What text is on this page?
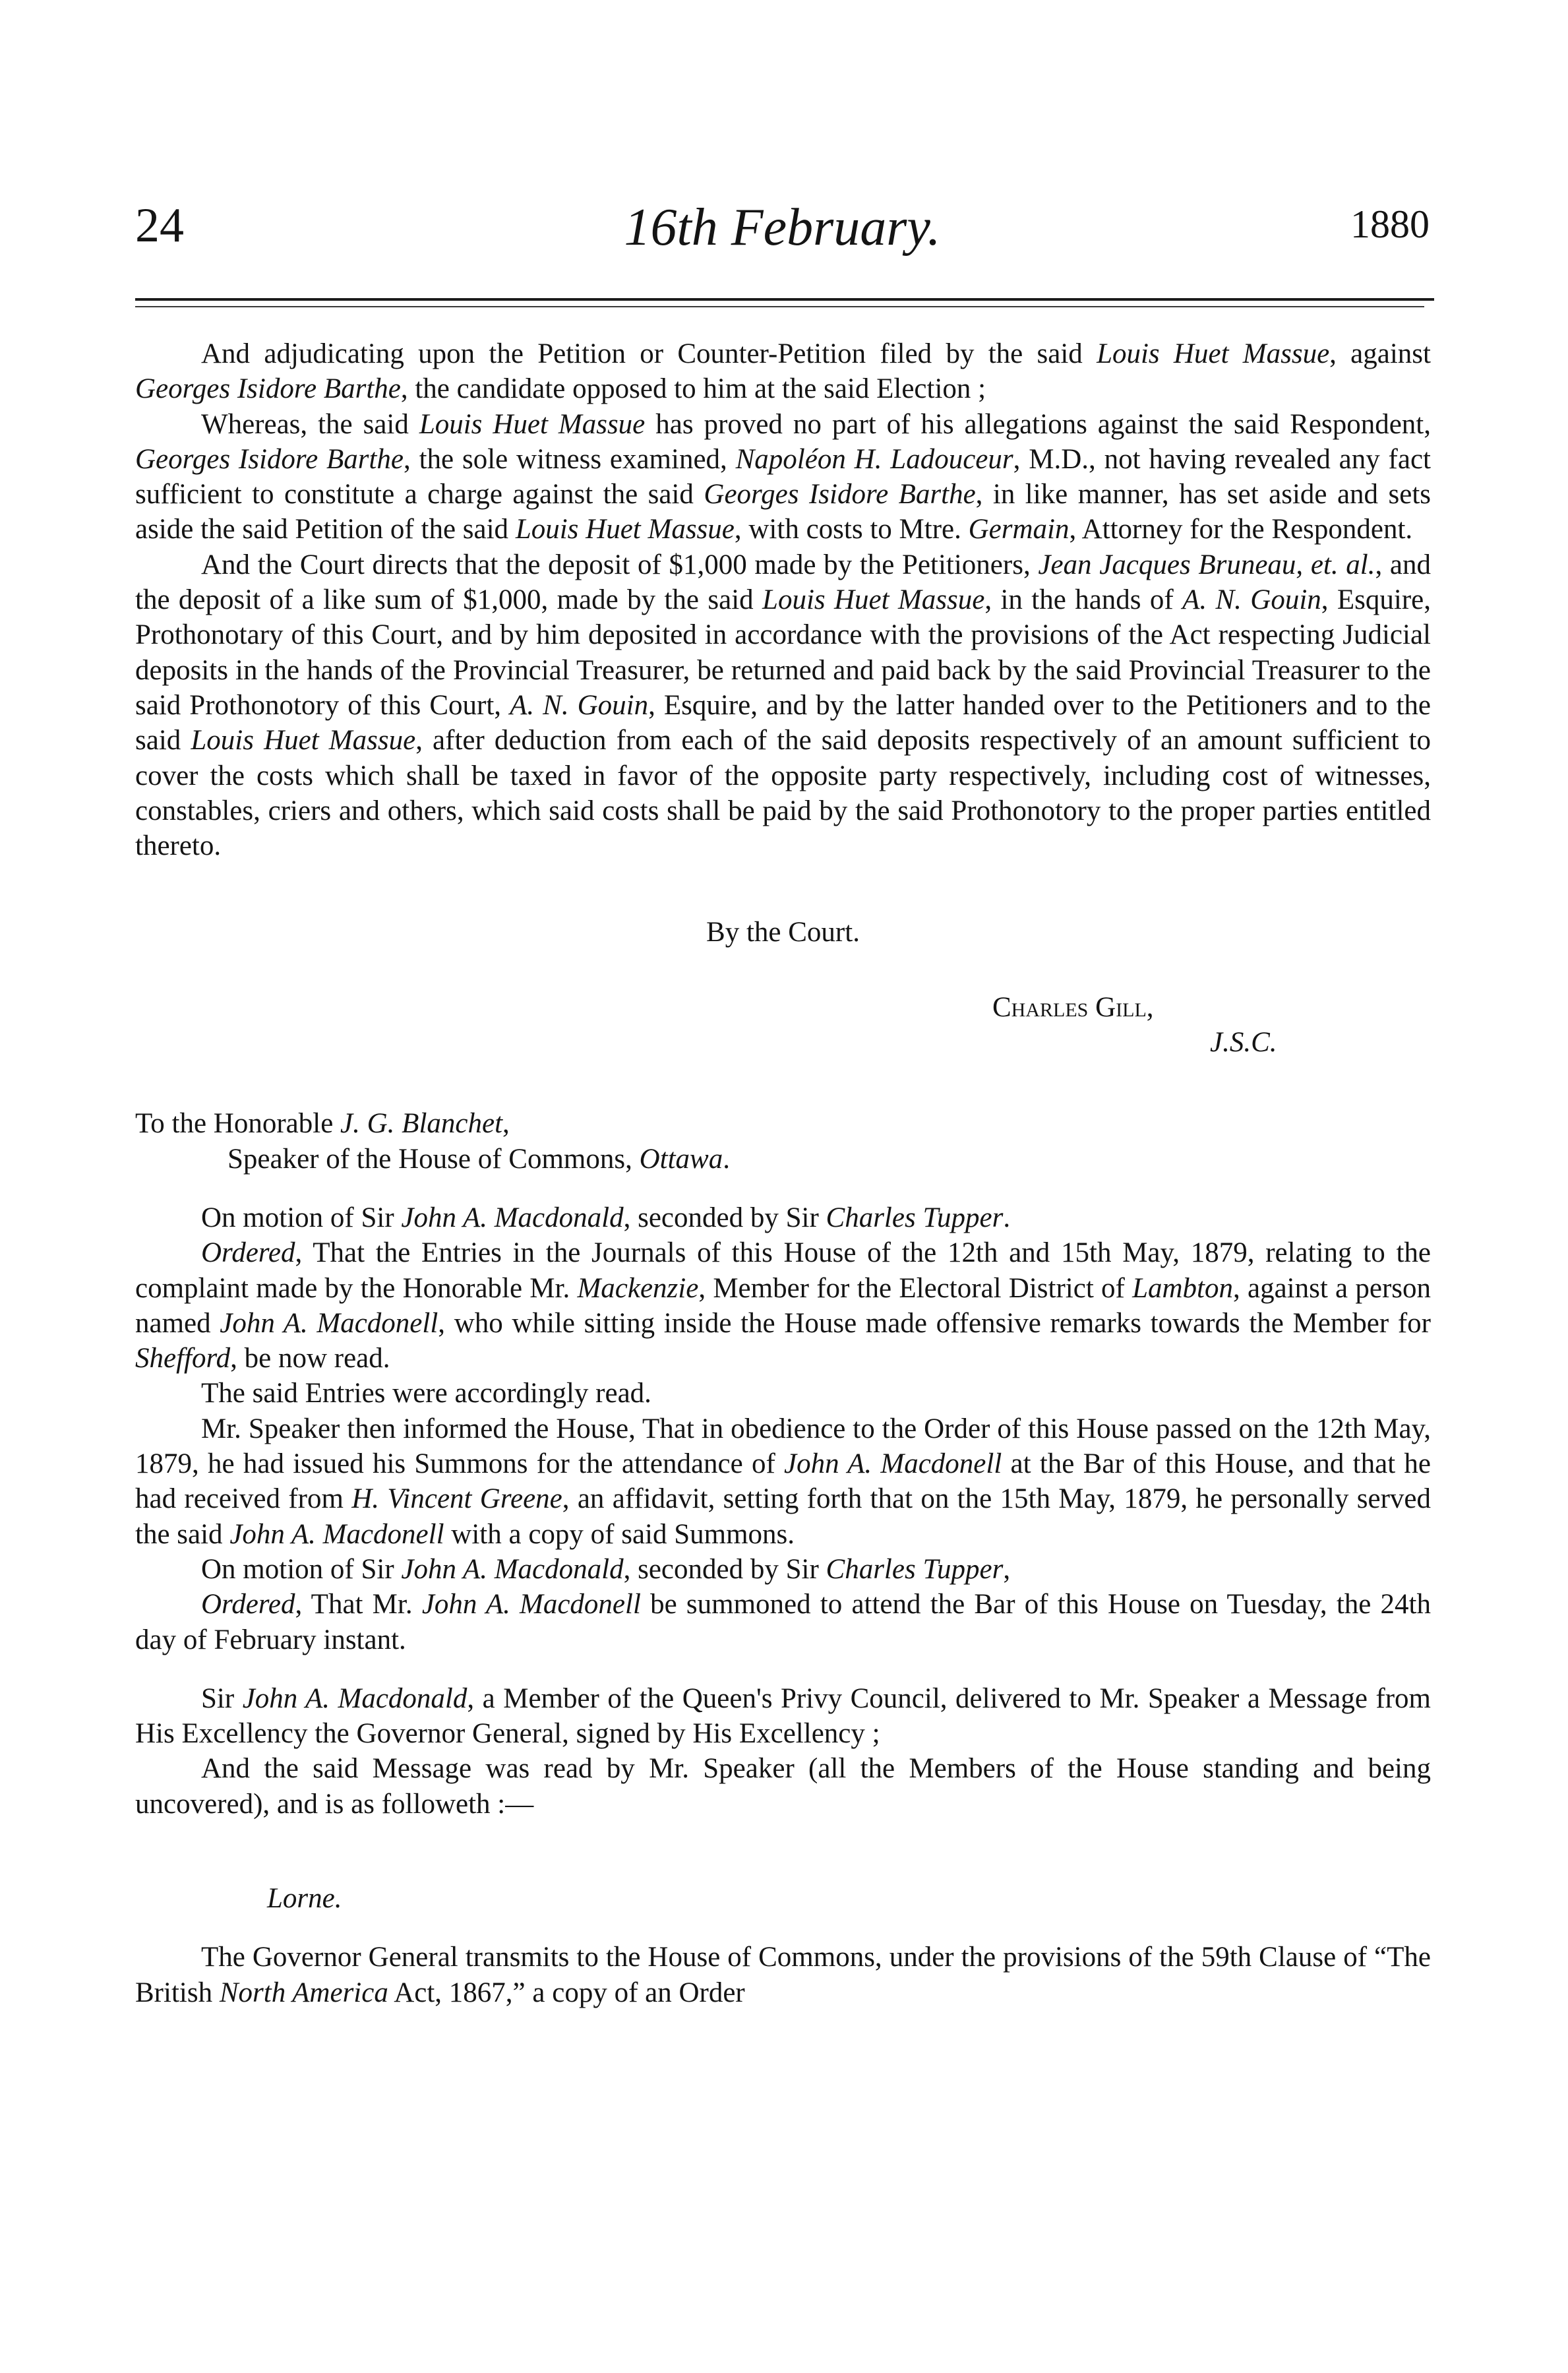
24	16th February.	1880

And adjudicating upon the Petition or Counter-Petition filed by the said Louis Huet Massue, against Georges Isidore Barthe, the candidate opposed to him at the said Election ;

Whereas, the said Louis Huet Massue has proved no part of his allegations against the said Respondent, Georges Isidore Barthe, the sole witness examined, Napoléon H. Ladouceur, M.D., not having revealed any fact sufficient to constitute a charge against the said Georges Isidore Barthe, in like manner, has set aside and sets aside the said Petition of the said Louis Huet Massue, with costs to Mtre. Germain, Attorney for the Respondent.

And the Court directs that the deposit of $1,000 made by the Petitioners, Jean Jacques Bruneau, et. al., and the deposit of a like sum of $1,000, made by the said Louis Huet Massue, in the hands of A. N. Gouin, Esquire, Prothonotary of this Court, and by him deposited in accordance with the provisions of the Act respecting Judicial deposits in the hands of the Provincial Treasurer, be returned and paid back by the said Provincial Treasurer to the said Prothonotory of this Court, A. N. Gouin, Esquire, and by the latter handed over to the Petitioners and to the said Louis Huet Massue, after deduction from each of the said deposits respectively of an amount sufficient to cover the costs which shall be taxed in favor of the opposite party respectively, including cost of witnesses, constables, criers and others, which said costs shall be paid by the said Prothonotory to the proper parties entitled thereto.

By the Court.

Charles Gill,

J.S.C.

To the Honorable J. G. Blanchet,

Speaker of the House of Commons, Ottawa.

On motion of Sir John A. Macdonald, seconded by Sir Charles Tupper.

Ordered, That the Entries in the Journals of this House of the 12th and 15th May, 1879, relating to the complaint made by the Honorable Mr. Mackenzie, Member for the Electoral District of Lambton, against a person named John A. Macdonell, who while sitting inside the House made offensive remarks towards the Member for Shefford, be now read.

The said Entries were accordingly read.

Mr. Speaker then informed the House, That in obedience to the Order of this House passed on the 12th May, 1879, he had issued his Summons for the attendance of John A. Macdonell at the Bar of this House, and that he had received from H. Vincent Greene, an affidavit, setting forth that on the 15th May, 1879, he personally served the said John A. Macdonell with a copy of said Summons.

On motion of Sir John A. Macdonald, seconded by Sir Charles Tupper,

Ordered, That Mr. John A. Macdonell be summoned to attend the Bar of this House on Tuesday, the 24th day of February instant.

Sir John A. Macdonald, a Member of the Queen's Privy Council, delivered to Mr. Speaker a Message from His Excellency the Governor General, signed by His Excellency ;

And the said Message was read by Mr. Speaker (all the Members of the House standing and being uncovered), and is as followeth :—

Lorne.

The Governor General transmits to the House of Commons, under the provisions of the 59th Clause of “The British North America Act, 1867,” a copy of an Order
